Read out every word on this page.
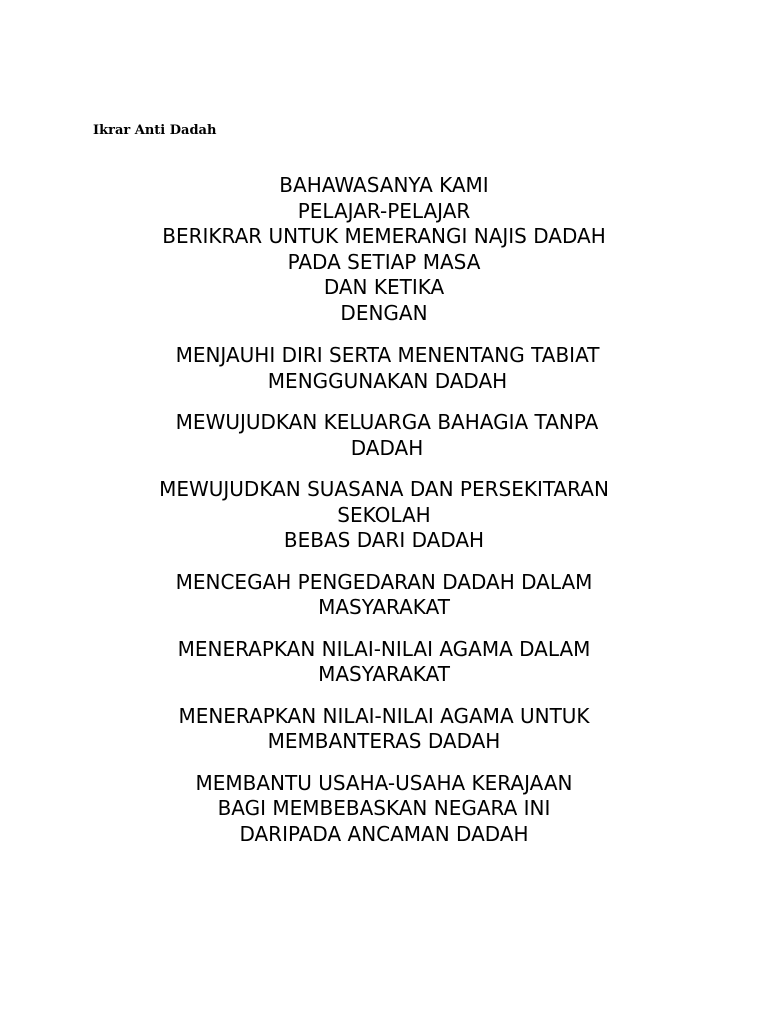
Ikrar Anti Dadah
BAHAWASANYA KAMI
PELAJAR-PELAJAR
BERIKRAR UNTUK MEMERANGI NAJIS DADAH
PADA SETIAP MASA
DAN KETIKA
DENGAN
MENJAUHI DIRI SERTA MENENTANG TABIAT
MENGGUNAKAN DADAH
MEWUJUDKAN KELUARGA BAHAGIA TANPA
DADAH
MEWUJUDKAN SUASANA DAN PERSEKITARAN
SEKOLAH
BEBAS DARI DADAH
MENCEGAH PENGEDARAN DADAH DALAM
MASYARAKAT
MENERAPKAN NILAI-NILAI AGAMA DALAM
MASYARAKAT
MENERAPKAN NILAI-NILAI AGAMA UNTUK
MEMBANTERAS DADAH
MEMBANTU USAHA-USAHA KERAJAAN
BAGI MEMBEBASKAN NEGARA INI
DARIPADA ANCAMAN DADAH
